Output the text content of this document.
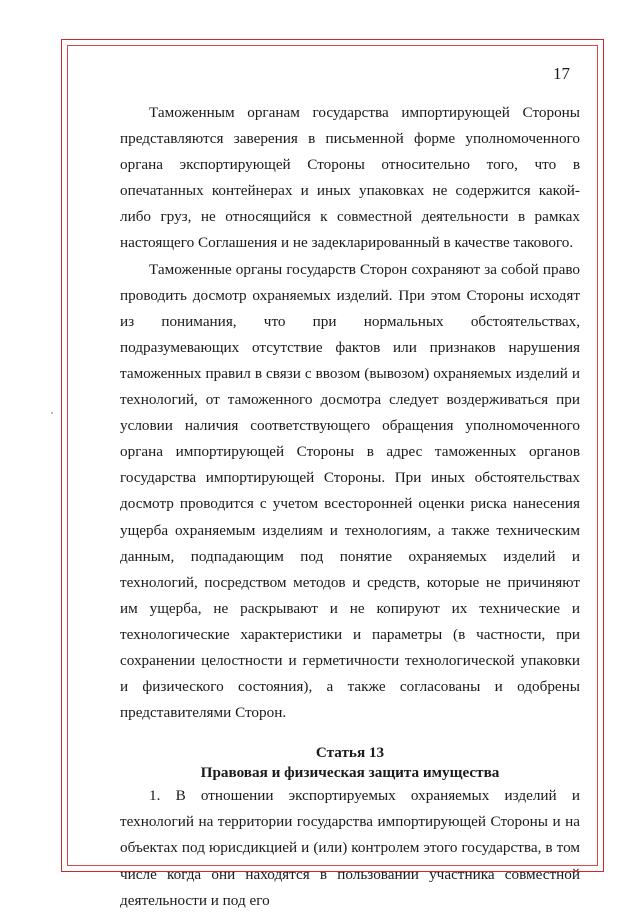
17

Таможенным органам государства импортирующей Стороны представляются заверения в письменной форме уполномоченного органа экспортирующей Стороны относительно того, что в опечатанных контейнерах и иных упаковках не содержится какой-либо груз, не относящийся к совместной деятельности в рамках настоящего Соглашения и не задекларированный в качестве такового.

Таможенные органы государств Сторон сохраняют за собой право проводить досмотр охраняемых изделий. При этом Стороны исходят из понимания, что при нормальных обстоятельствах, подразумевающих отсутствие фактов или признаков нарушения таможенных правил в связи с ввозом (вывозом) охраняемых изделий и технологий, от таможенного досмотра следует воздерживаться при условии наличия соответствующего обращения уполномоченного органа импортирующей Стороны в адрес таможенных органов государства импортирующей Стороны. При иных обстоятельствах досмотр проводится с учетом всесторонней оценки риска нанесения ущерба охраняемым изделиям и технологиям, а также техническим данным, подпадающим под понятие охраняемых изделий и технологий, посредством методов и средств, которые не причиняют им ущерба, не раскрывают и не копируют их технические и технологические характеристики и параметры (в частности, при сохранении целостности и герметичности технологической упаковки и физического состояния), а также согласованы и одобрены представителями Сторон.

Статья 13
Правовая и физическая защита имущества

1. В отношении экспортируемых охраняемых изделий и технологий на территории государства импортирующей Стороны и на объектах под юрисдикцией и (или) контролем этого государства, в том числе когда они находятся в пользовании участника совместной деятельности и под его
